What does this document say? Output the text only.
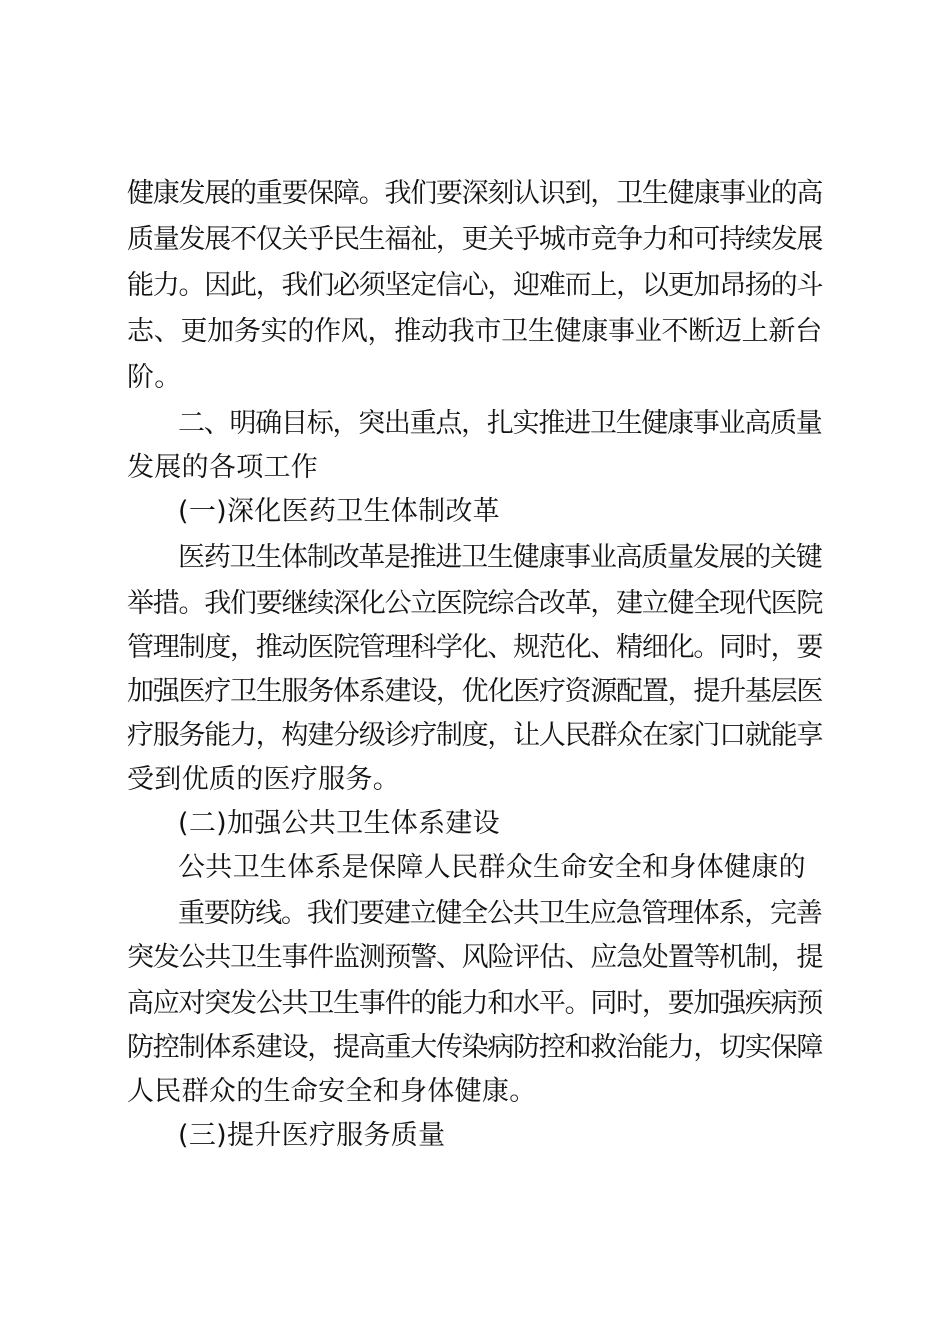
健康发展的重要保障。我们要深刻认识到，卫生健康事业的高
质量发展不仅关乎民生福祉，更关乎城市竞争力和可持续发展
能力。因此，我们必须坚定信心，迎难而上，以更加昂扬的斗
志、更加务实的作风，推动我市卫生健康事业不断迈上新台
阶。
二、明确目标，突出重点，扎实推进卫生健康事业高质量
发展的各项工作
(一)深化医药卫生体制改革
医药卫生体制改革是推进卫生健康事业高质量发展的关键
举措。我们要继续深化公立医院综合改革，建立健全现代医院
管理制度，推动医院管理科学化、规范化、精细化。同时，要
加强医疗卫生服务体系建设，优化医疗资源配置，提升基层医
疗服务能力，构建分级诊疗制度，让人民群众在家门口就能享
受到优质的医疗服务。
(二)加强公共卫生体系建设
公共卫生体系是保障人民群众生命安全和身体健康的
重要防线。我们要建立健全公共卫生应急管理体系，完善
突发公共卫生事件监测预警、风险评估、应急处置等机制，提
高应对突发公共卫生事件的能力和水平。同时，要加强疾病预
防控制体系建设，提高重大传染病防控和救治能力，切实保障
人民群众的生命安全和身体健康。
(三)提升医疗服务质量
